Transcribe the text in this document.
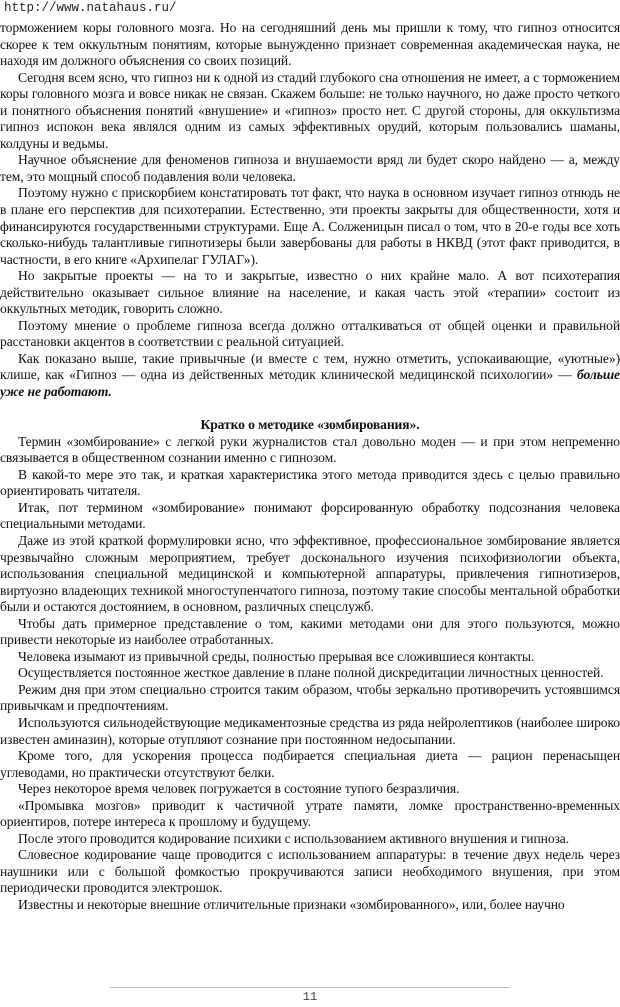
http://www.natahaus.ru/

торможением коры головного мозга. Но на сегодняшний день мы пришли к тому, что гипноз относится скорее к тем оккультным понятиям, которые вынужденно признает современная академическая наука, не находя им должного объяснения со своих позиций.

Сегодня всем ясно, что гипноз ни к одной из стадий глубокого сна отношения не имеет, а с торможением коры головного мозга и вовсе никак не связан. Скажем больше: не только научного, но даже просто четкого и понятного объяснения понятий «внушение» и «гипноз» просто нет. С другой стороны, для оккультизма гипноз испокон века являлся одним из самых эффективных орудий, которым пользовались шаманы, колдуны и ведьмы.

Научное объяснение для феноменов гипноза и внушаемости вряд ли будет скоро найдено — а, между тем, это мощный способ подавления воли человека.

Поэтому нужно с прискорбием констатировать тот факт, что наука в основном изучает гипноз отнюдь не в плане его перспектив для психотерапии. Естественно, эти проекты закрыты для общественности, хотя и финансируются государственными структурами. Еще А. Солженицын писал о том, что в 20-е годы все хоть сколько-нибудь талантливые гипнотизеры были завербованы для работы в НКВД (этот факт приводится, в частности, в его книге «Архипелаг ГУЛАГ»).

Но закрытые проекты — на то и закрытые, известно о них крайне мало. А вот психотерапия действительно оказывает сильное влияние на население, и какая часть этой «терапии» состоит из оккультных методик, говорить сложно.

Поэтому мнение о проблеме гипноза всегда должно отталкиваться от общей оценки и правильной расстановки акцентов в соответствии с реальной ситуацией.

Как показано выше, такие привычные (и вместе с тем, нужно отметить, успокаивающие, «уютные») клише, как «Гипноз — одна из действенных методик клинической медицинской психологии» — больше уже не работают.

Кратко о методике «зомбирования».

Термин «зомбирование» с легкой руки журналистов стал довольно моден — и при этом непременно связывается в общественном сознании именно с гипнозом.

В какой-то мере это так, и краткая характеристика этого метода приводится здесь с целью правильно ориентировать читателя.

Итак, пот термином «зомбирование» понимают форсированную обработку подсознания человека специальными методами.

Даже из этой краткой формулировки ясно, что эффективное, профессиональное зомбирование является чрезвычайно сложным мероприятием, требует досконального изучения психофизиологии объекта, использования специальной медицинской и компьютерной аппаратуры, привлечения гипнотизеров, виртуозно владеющих техникой многоступенчатого гипноза, поэтому такие способы ментальной обработки были и остаются достоянием, в основном, различных спецслужб.

Чтобы дать примерное представление о том, какими методами они для этого пользуются, можно привести некоторые из наиболее отработанных.

Человека изымают из привычной среды, полностью прерывая все сложившиеся контакты.

Осуществляется постоянное жесткое давление в плане полной дискредитации личностных ценностей.

Режим дня при этом специально строится таким образом, чтобы зеркально противоречить устоявшимся привычкам и предпочтениям.

Используются сильнодействующие медикаментозные средства из ряда нейролептиков (наиболее широко известен аминазин), которые отупляют сознание при постоянном недосыпании.

Кроме того, для ускорения процесса подбирается специальная диета — рацион перенасыщен углеводами, но практически отсутствуют белки.

Через некоторое время человек погружается в состояние тупого безразличия.

«Промывка мозгов» приводит к частичной утрате памяти, ломке пространственно-временных ориентиров, потере интереса к прошлому и будущему.

После этого проводится кодирование психики с использованием активного внушения и гипноза.

Словесное кодирование чаще проводится с использованием аппаратуры: в течение двух недель через наушники или с большой фомкостью прокручиваются записи необходимого внушения, при этом периодически проводится электрошок.

Известны и некоторые внешние отличительные признаки «зомбированного», или, более научно

11
